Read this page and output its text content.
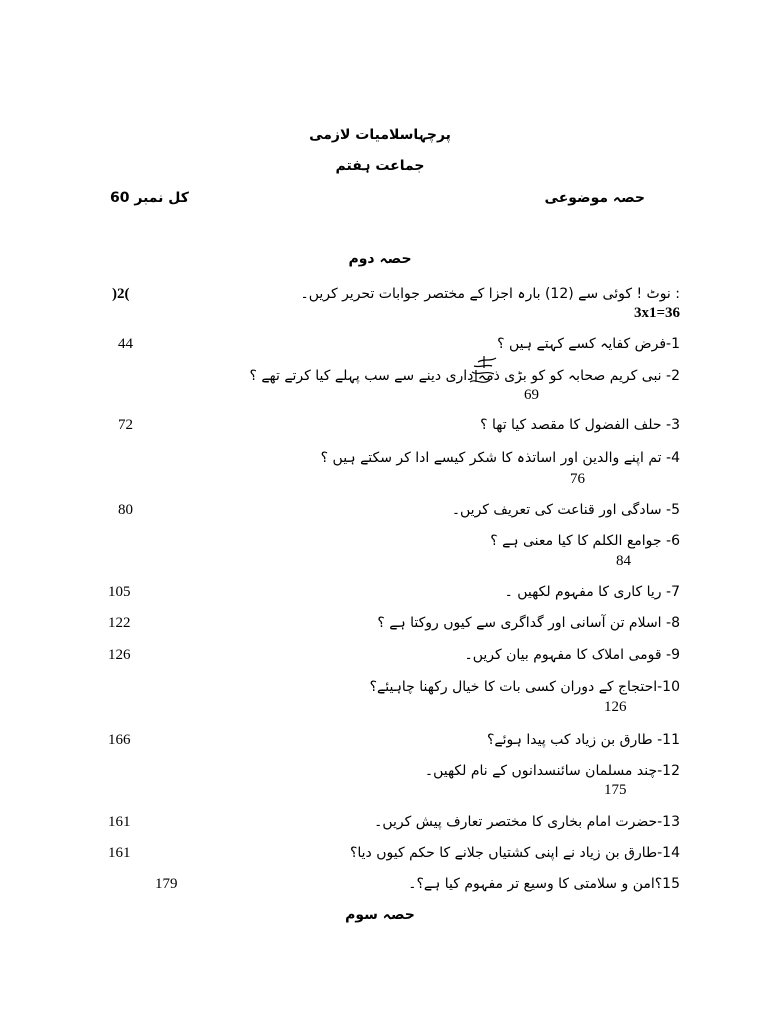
پرچہاسلامیات لازمی
جماعت ہفتم
کل نمبر 60	حصہ موضوعی
حصہ دوم
: نوٹ ! کوئی سے (12) بارہ اجزا کے مختصر جوابات تحریر کریں۔
)2(
3x1=36
1-فرض کفایہ کسے کہتے ہیں ؟
44
2- نبی کریم صحابہ کو کو بڑی ذمہ داری دینے سے سب پہلے کیا کرتے تھے ؟
69
3- حلف الفضول کا مقصد کیا تھا ؟
72
4- تم اپنے والدین اور اساتذہ کا شکر کیسے ادا کر سکتے ہیں ؟
76
5- سادگی اور قناعت کی تعریف کریں۔
80
6- جوامع الکلم کا کیا معنی ہے ؟
84
7- ریا کاری کا مفہوم لکھیں ۔
105
8- اسلام تن آسانی اور گداگری سے کیوں روکتا ہے ؟
122
9- قومی املاک کا مفہوم بیان کریں۔
126
10-احتجاج کے دوران کسی بات کا خیال رکھنا چاہیئے؟
126
11- طارق بن زیاد کب پیدا ہوئے؟
166
12-چند مسلمان سائنسدانوں کے نام لکھیں۔
175
13-حضرت امام بخاری کا مختصر تعارف پیش کریں۔
161
14-طارق بن زیاد نے اپنی کشتیاں جلانے کا حکم کیوں دیا؟
161
15؟امن و سلامتی کا وسیع تر مفہوم کیا ہے؟۔
179
حصہ سوم
